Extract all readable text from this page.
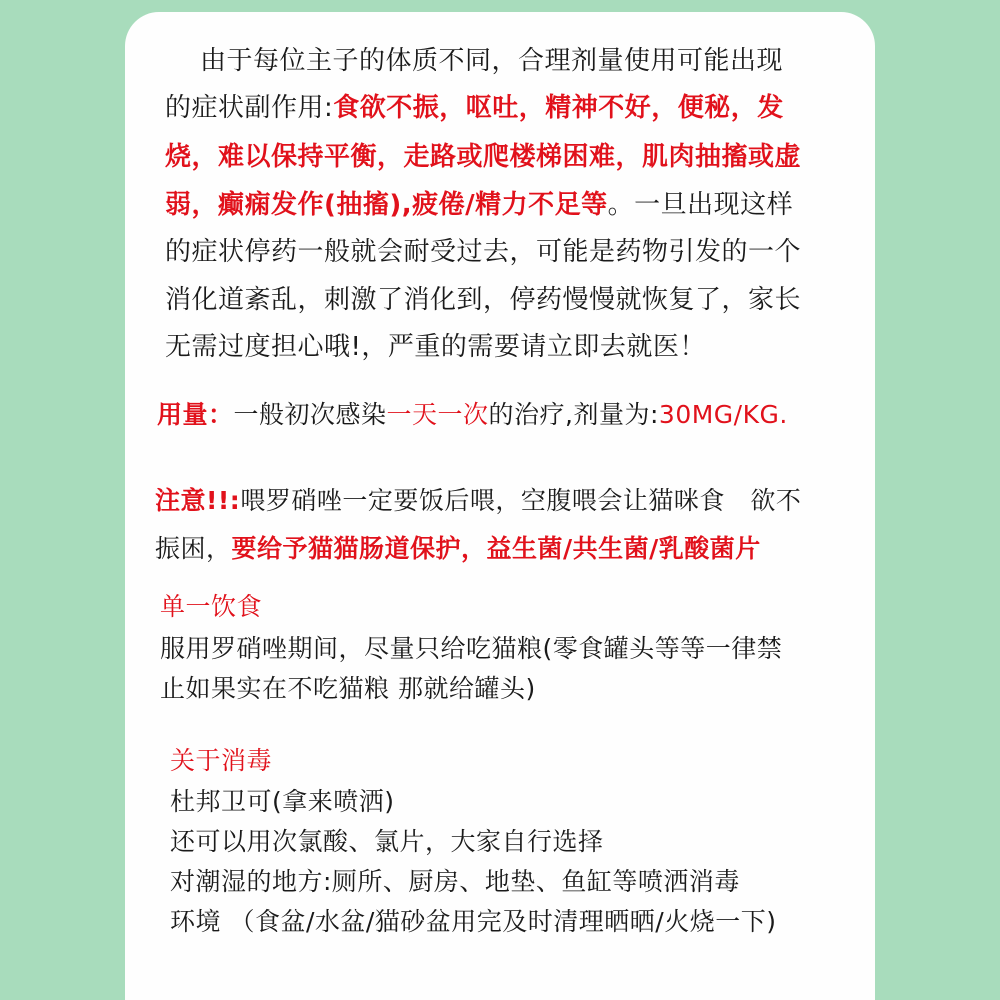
由于每位主子的体质不同，合理剂量使用可能出现
的症状副作用:食欲不振，呕吐，精神不好，便秘，发
烧，难以保持平衡，走路或爬楼梯困难，肌肉抽搐或虚
弱，癫痫发作(抽搐),疲倦/精力不足等。一旦出现这样
的症状停药一般就会耐受过去，可能是药物引发的一个
消化道紊乱，刺激了消化到，停药慢慢就恢复了，家长
无需过度担心哦!，严重的需要请立即去就医！
用量：一般初次感染一天一次的治疗,剂量为:30MG/KG.
注意!!:喂罗硝唑一定要饭后喂，空腹喂会让猫咪食　欲不
振困，要给予猫猫肠道保护，益生菌/共生菌/乳酸菌片
单一饮食
服用罗硝唑期间，尽量只给吃猫粮(零食罐头等等一律禁
止如果实在不吃猫粮 那就给罐头)
关于消毒
杜邦卫可(拿来喷洒)
还可以用次氯酸、氯片，大家自行选择
对潮湿的地方:厕所、厨房、地垫、鱼缸等喷洒消毒
环境 （食盆/水盆/猫砂盆用完及时清理晒晒/火烧一下)
